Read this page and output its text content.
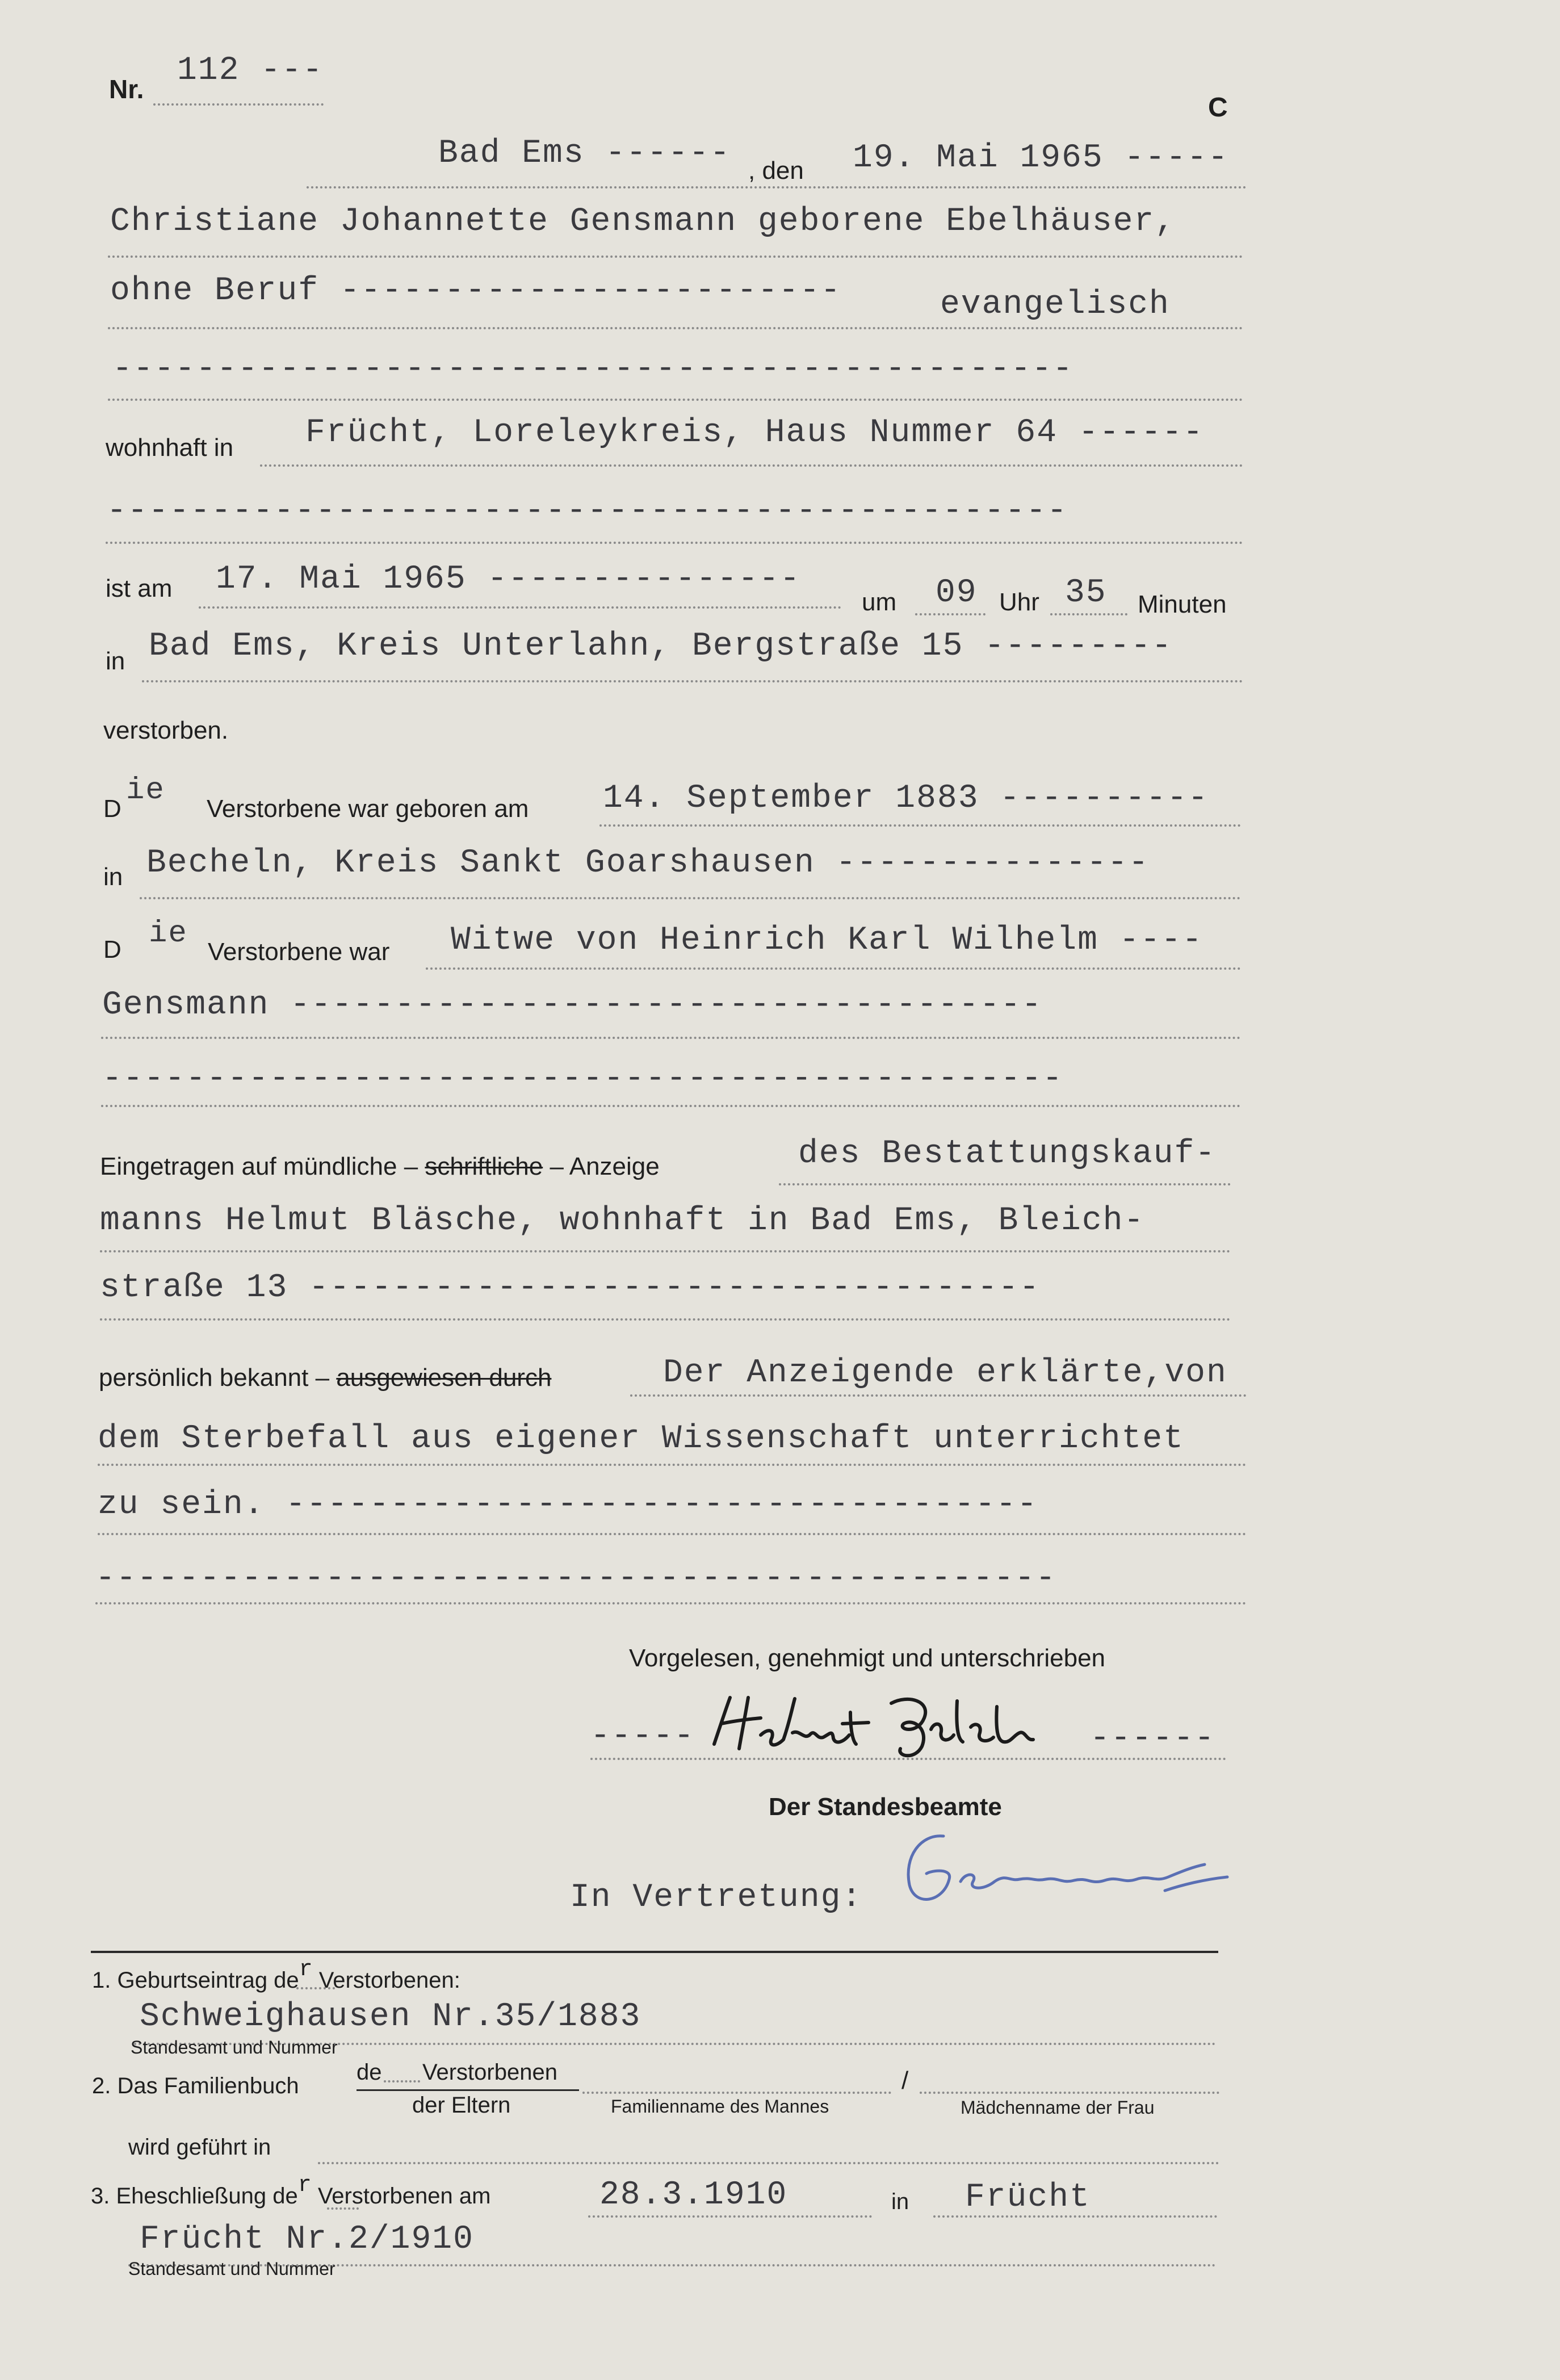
Nr. 112 ---
C
Bad Ems ------ , den 19. Mai 1965 -----
Christiane Johannette Gensmann geborene Ebelhäuser,
ohne Beruf ------------------------	evangelisch
----------------------------------------------
wohnhaft in Frücht, Loreleykreis, Haus Nummer 64 ------
----------------------------------------------
ist am 17. Mai 1965 ---------------
um 09 Uhr 35 Minuten
in Bad Ems, Kreis Unterlahn, Bergstraße 15 ---------
verstorben.
D
ie
Verstorbene war geboren am 14. September 1883 ----------
in Becheln, Kreis Sankt Goarshausen ---------------
D ie
Verstorbene war Witwe von Heinrich Karl Wilhelm ----
Gensmann ------------------------------------
----------------------------------------------
Eingetragen auf mündliche – schriftliche – Anzeige	des Bestattungskauf-
manns Helmut Bläsche, wohnhaft in Bad Ems, Bleich-
straße 13 -----------------------------------
persönlich bekannt – ausgewiesen durch	Der Anzeigende erklärte,von
dem Sterbefall aus eigener Wissenschaft unterrichtet
zu sein. ------------------------------------
----------------------------------------------
Vorgelesen, genehmigt und unterschrieben
-----	------
Der Standesbeamte
In Vertretung:
1. Geburtseintrag der Verstorbenen:
Schweighausen Nr.35/1883
Standesamt und Nummer
2. Das Familienbuch
de Verstorbenen
der Eltern	Familienname des Mannes
/
Mädchenname der Frau
wird geführt in
3. Eheschließung der Verstorbenen am	28.3.1910	in Frücht
Frücht Nr.2/1910
Standesamt und Nummer
